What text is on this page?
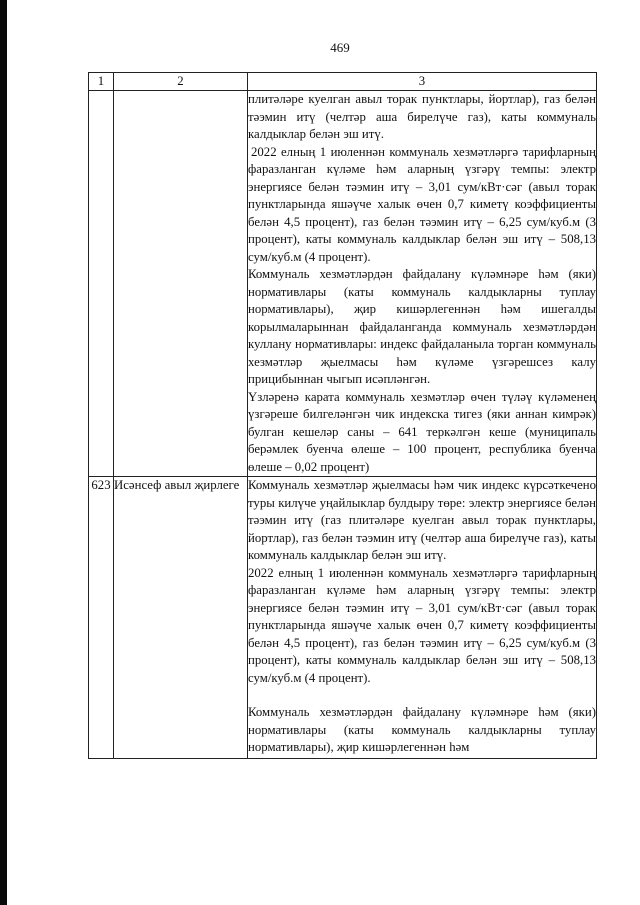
469
1	2	3

		плитәләре куелган авыл торак пунктлары, йортлар), газ белән тәэмин итү (челтәр аша бирелүче газ), каты коммуналь калдыклар белән эш итү.

2022 елның 1 июленнән коммуналь хезмәтләргә тарифларның фаразланган күләме һәм аларның үзгәрү темпы: электр энергиясе белән тәэмин итү – 3,01 сум/кВт·сәг (авыл торак пунктларында яшәүче халык өчен 0,7 киметү коэффициенты белән 4,5 процент), газ белән тәэмин итү – 6,25 сум/куб.м (3 процент), каты коммуналь калдыклар белән эш итү – 508,13 сум/куб.м (4 процент).

Коммуналь хезмәтләрдән файдалану күләмнәре һәм (яки) нормативлары (каты коммуналь калдыкларны туплау нормативлары), җир кишәрлегеннән һәм ишегалды корылмаларыннан файдаланганда коммуналь хезмәтләрдән куллану нормативлары: индекс файдаланыла торган коммуналь хезмәтләр җыелмасы һәм күләме үзгәрешсез калу прицибыннан чыгып исәпләнгән.

Үзләренә карата коммуналь хезмәтләр өчен түләү күләменең үзгәреше билгеләнгән чик индекска тигез (яки аннан кимрәк) булган кешеләр саны – 641 теркәлгән кеше (муниципаль берәмлек буенча өлеше – 100 процент, республика буенча өлеше – 0,02 процент)

623	Исәнсеф авыл җирлеге	Коммуналь хезмәтләр җыелмасы һәм чик индекс күрсәткечено туры килүче уңайлыклар булдыру төре: электр энергиясе белән тәэмин итү (газ плитәләре куелган авыл торак пунктлары, йортлар), газ белән тәэмин итү (челтәр аша бирелүче газ), каты коммуналь калдыклар белән эш итү.

2022 елның 1 июленнән коммуналь хезмәтләргә тарифларның фаразланган күләме һәм аларның үзгәрү темпы: электр энергиясе белән тәэмин итү – 3,01 сум/кВт·сәг (авыл торак пунктларында яшәүче халык өчен 0,7 киметү коэффициенты белән 4,5 процент), газ белән тәэмин итү – 6,25 сум/куб.м (3 процент), каты коммуналь калдыклар белән эш итү – 508,13 сум/куб.м (4 процент).

Коммуналь хезмәтләрдән файдалану күләмнәре һәм (яки) нормативлары (каты коммуналь калдыкларны туплау нормативлары), җир кишәрлегеннән һәм
